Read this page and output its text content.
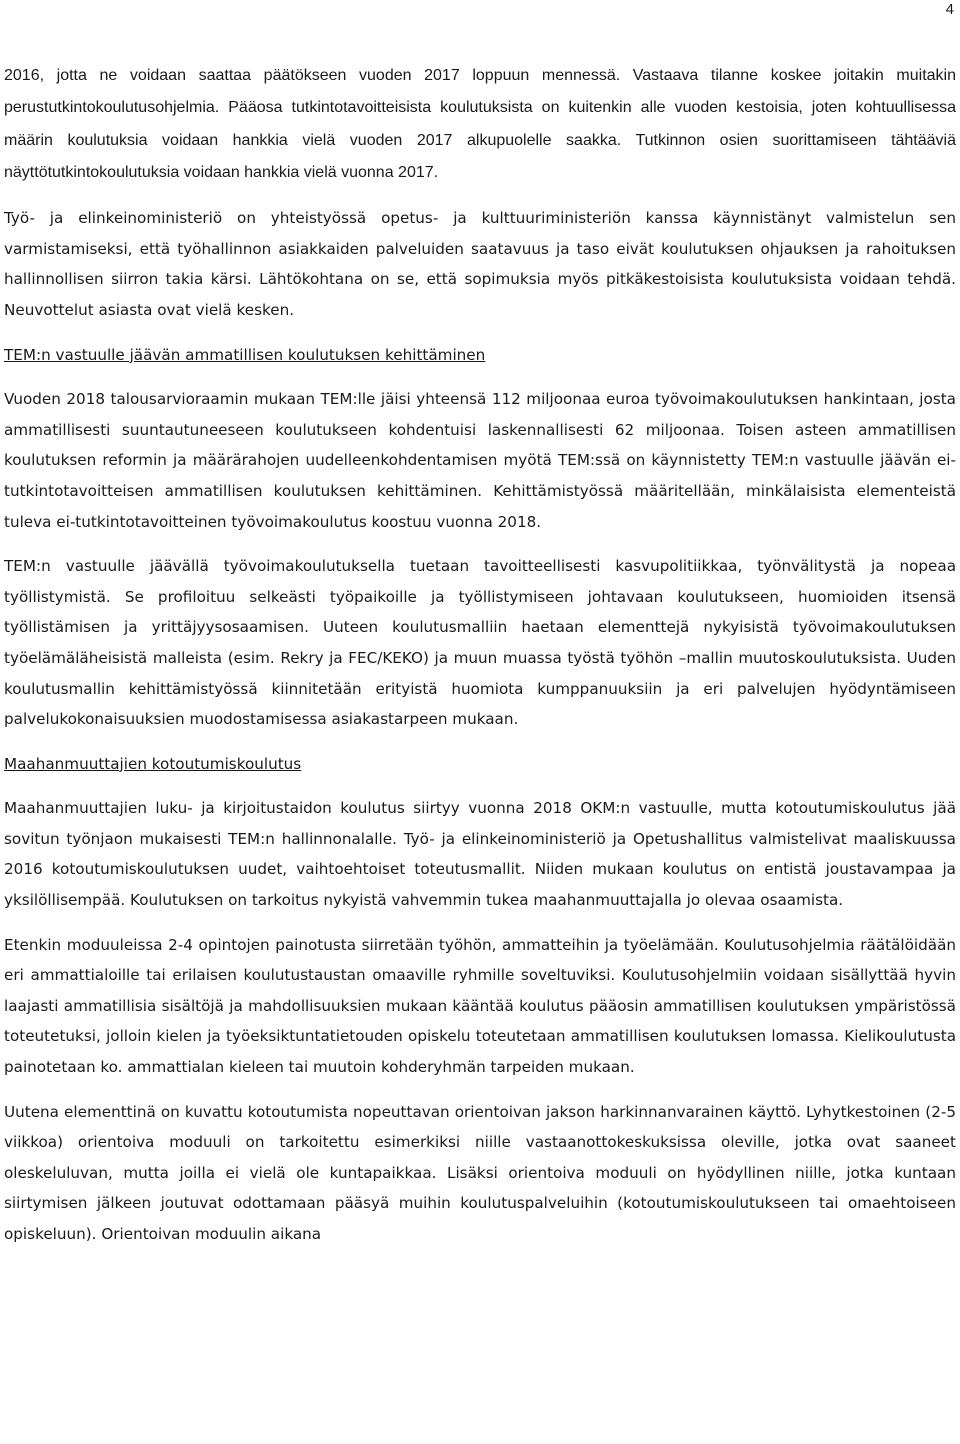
4

2016, jotta ne voidaan saattaa päätökseen vuoden 2017 loppuun mennessä. Vastaava tilanne koskee joitakin muitakin perustutkintokoulutusohjelmia. Pääosa tutkintotavoitteisista koulutuksista on kuitenkin alle vuoden kestoisia, joten kohtuullisessa määrin koulutuksia voidaan hankkia vielä vuoden 2017 alkupuolelle saakka. Tutkinnon osien suorittamiseen tähtääviä näyttötutkintokoulutuksia voidaan hankkia vielä vuonna 2017.

Työ- ja elinkeinoministeriö on yhteistyössä opetus- ja kulttuuriministeriön kanssa käynnistänyt valmistelun sen varmistamiseksi, että työhallinnon asiakkaiden palveluiden saatavuus ja taso eivät koulutuksen ohjauksen ja rahoituksen hallinnollisen siirron takia kärsi. Lähtökohtana on se, että sopimuksia myös pitkäkestoisista koulutuksista voidaan tehdä. Neuvottelut asiasta ovat vielä kesken.

TEM:n vastuulle jäävän ammatillisen koulutuksen kehittäminen

Vuoden 2018 talousarvioraamin mukaan TEM:lle jäisi yhteensä 112 miljoonaa euroa työvoimakoulutuksen hankintaan, josta ammatillisesti suuntautuneeseen koulutukseen kohdentuisi laskennallisesti 62 miljoonaa. Toisen asteen ammatillisen koulutuksen reformin ja määrärahojen uudelleenkohdentamisen myötä TEM:ssä on käynnistetty TEM:n vastuulle jäävän ei-tutkintotavoitteisen ammatillisen koulutuksen kehittäminen. Kehittämistyössä määritellään, minkälaisista elementeistä tuleva ei-tutkintotavoitteinen työvoimakoulutus koostuu vuonna 2018.

TEM:n vastuulle jäävällä työvoimakoulutuksella tuetaan tavoitteellisesti kasvupolitiikkaa, työnvälitystä ja nopeaa työllistymistä. Se profiloituu selkeästi työpaikoille ja työllistymiseen johtavaan koulutukseen, huomioiden itsensä työllistämisen ja yrittäjyysosaamisen. Uuteen koulutusmalliin haetaan elementtejä nykyisistä työvoimakoulutuksen työelämäläheisistä malleista (esim. Rekry ja FEC/KEKO) ja muun muassa työstä työhön –mallin muutoskoulutuksista. Uuden koulutusmallin kehittämistyössä kiinnitetään erityistä huomiota kumppanuuksiin ja eri palvelujen hyödyntämiseen palvelukokonaisuuksien muodostamisessa asiakastarpeen mukaan.

Maahanmuuttajien kotoutumiskoulutus

Maahanmuuttajien luku- ja kirjoitustaidon koulutus siirtyy vuonna 2018 OKM:n vastuulle, mutta kotoutumiskoulutus jää sovitun työnjaon mukaisesti TEM:n hallinnonalalle. Työ- ja elinkeinoministeriö ja Opetushallitus valmistelivat maaliskuussa 2016 kotoutumiskoulutuksen uudet, vaihtoehtoiset toteutusmallit. Niiden mukaan koulutus on entistä joustavampaa ja yksilöllisempää. Koulutuksen on tarkoitus nykyistä vahvemmin tukea maahanmuuttajalla jo olevaa osaamista.

Etenkin moduuleissa 2-4 opintojen painotusta siirretään työhön, ammatteihin ja työelämään. Koulutusohjelmia räätälöidään eri ammattialoille tai erilaisen koulutustaustan omaaville ryhmille soveltuviksi. Koulutusohjelmiin voidaan sisällyttää hyvin laajasti ammatillisia sisältöjä ja mahdollisuuksien mukaan kääntää koulutus pääosin ammatillisen koulutuksen ympäristössä toteutetuksi, jolloin kielen ja työeksiktuntatietouden opiskelu toteutetaan ammatillisen koulutuksen lomassa. Kielikoulutusta painotetaan ko. ammattialan kieleen tai muutoin kohderyhmän tarpeiden mukaan.

Uutena elementtinä on kuvattu kotoutumista nopeuttavan orientoivan jakson harkinnanvarainen käyttö. Lyhytkestoinen (2-5 viikkoa) orientoiva moduuli on tarkoitettu esimerkiksi niille vastaanottokeskuksissa oleville, jotka ovat saaneet oleskeluluvan, mutta joilla ei vielä ole kuntapaikkaa. Lisäksi orientoiva moduuli on hyödyllinen niille, jotka kuntaan siirtymisen jälkeen joutuvat odottamaan pääsyä muihin koulutuspalveluihin (kotoutumiskoulutukseen tai omaehtoiseen opiskeluun). Orientoivan moduulin aikana
